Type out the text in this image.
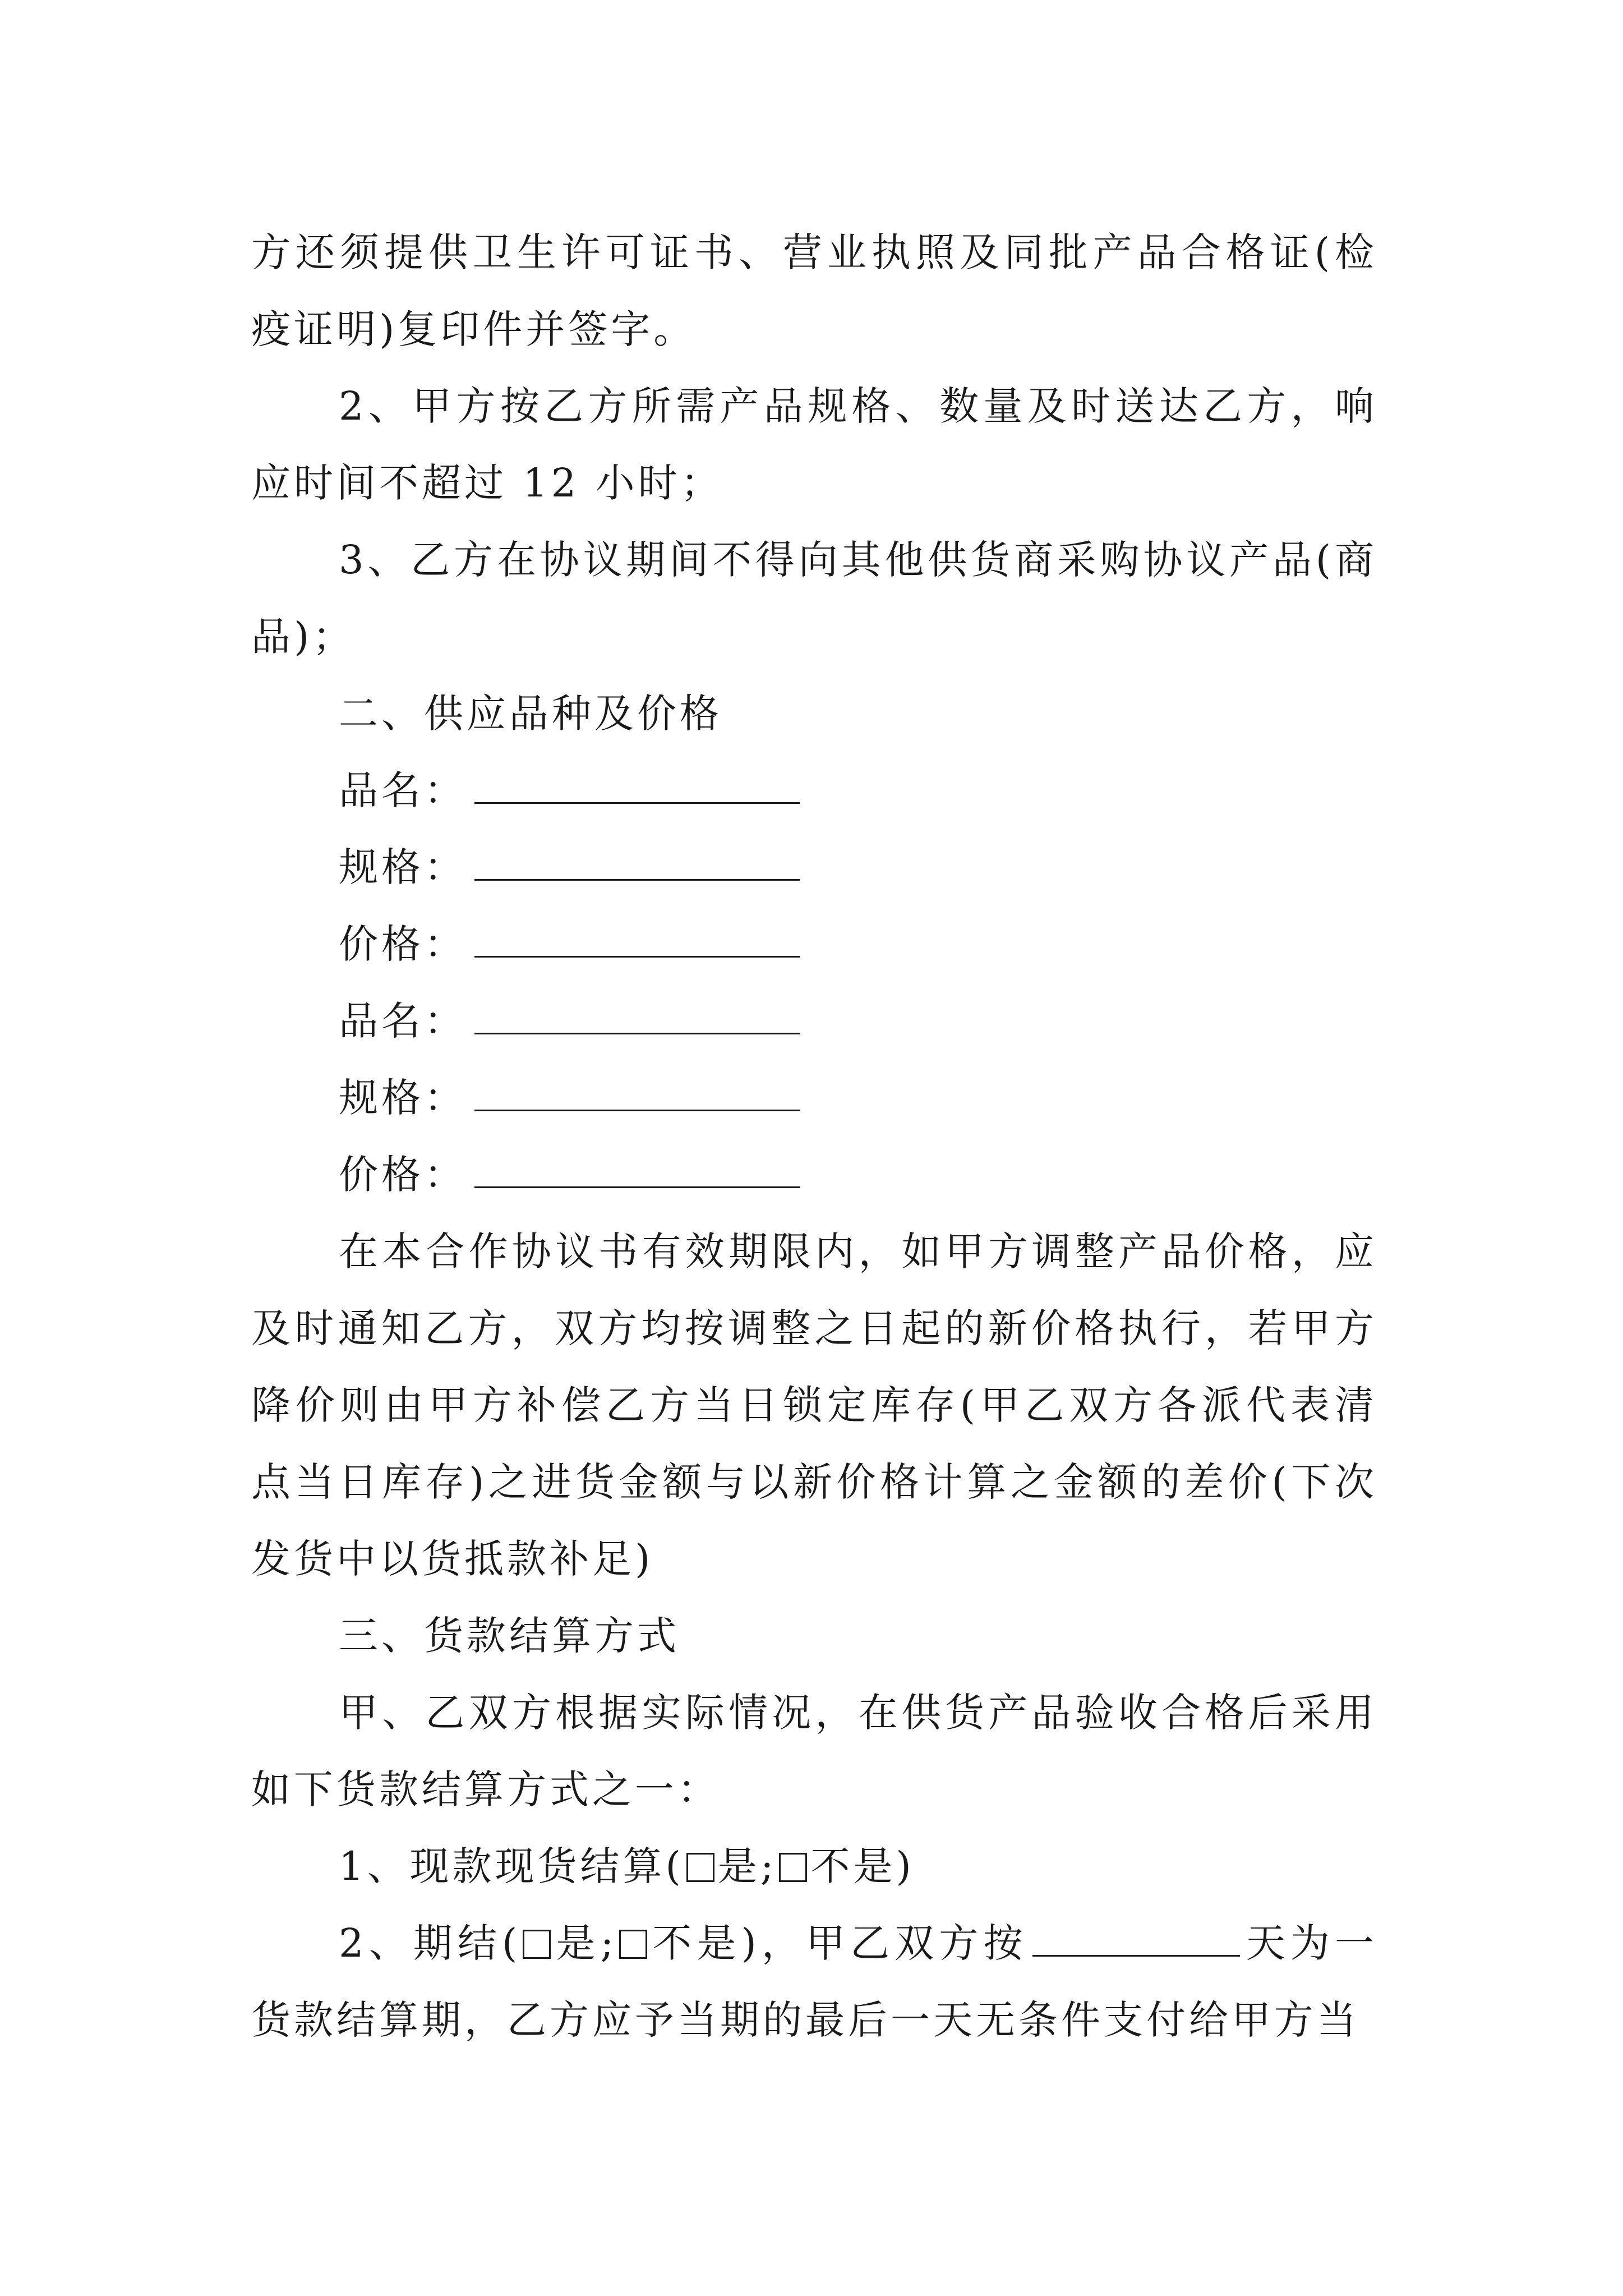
方还须提供卫生许可证书、营业执照及同批产品合格证(检疫证明)复印件并签字。

2、甲方按乙方所需产品规格、数量及时送达乙方，响应时间不超过 12 小时；

3、乙方在协议期间不得向其他供货商采购协议产品(商品)；

二、供应品种及价格

品名：
规格：
价格：
品名：
规格：
价格：

在本合作协议书有效期限内，如甲方调整产品价格，应及时通知乙方，双方均按调整之日起的新价格执行，若甲方降价则由甲方补偿乙方当日锁定库存(甲乙双方各派代表清点当日库存)之进货金额与以新价格计算之金额的差价(下次发货中以货抵款补足)

三、货款结算方式

甲、乙双方根据实际情况，在供货产品验收合格后采用如下货款结算方式之一：

1、现款现货结算( 是; 不是)

2、期结( 是; 不是)，甲乙双方按	天为一货款结算期，乙方应予当期的最后一天无条件支付给甲方当
